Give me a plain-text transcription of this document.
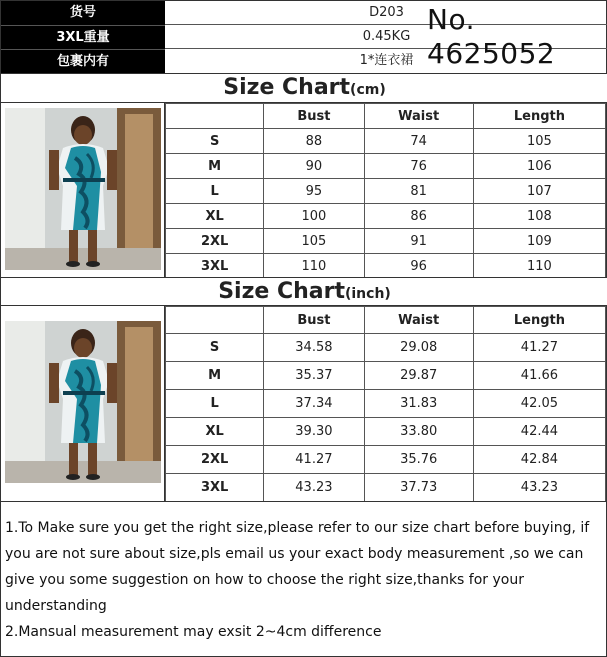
货号	D203
3XL重量	0.45KG
包裹内有	1*连衣裙
No. 4625052
Size Chart(cm)
	Bust	Waist	Length
S	88	74	105
M	90	76	106
L	95	81	107
XL	100	86	108
2XL	105	91	109
3XL	110	96	110
Size Chart(inch)
	Bust	Waist	Length
S	34.58	29.08	41.27
M	35.37	29.87	41.66
L	37.34	31.83	42.05
XL	39.30	33.80	42.44
2XL	41.27	35.76	42.84
3XL	43.23	37.73	43.23

1.To Make sure you get the right size,please refer to our size chart before buying, if you are not sure about size,pls email us your exact body measurement ,so we can give you some suggestion on how to choose the right size,thanks for your understanding

2.Mansual measurement may exsit 2~4cm difference
